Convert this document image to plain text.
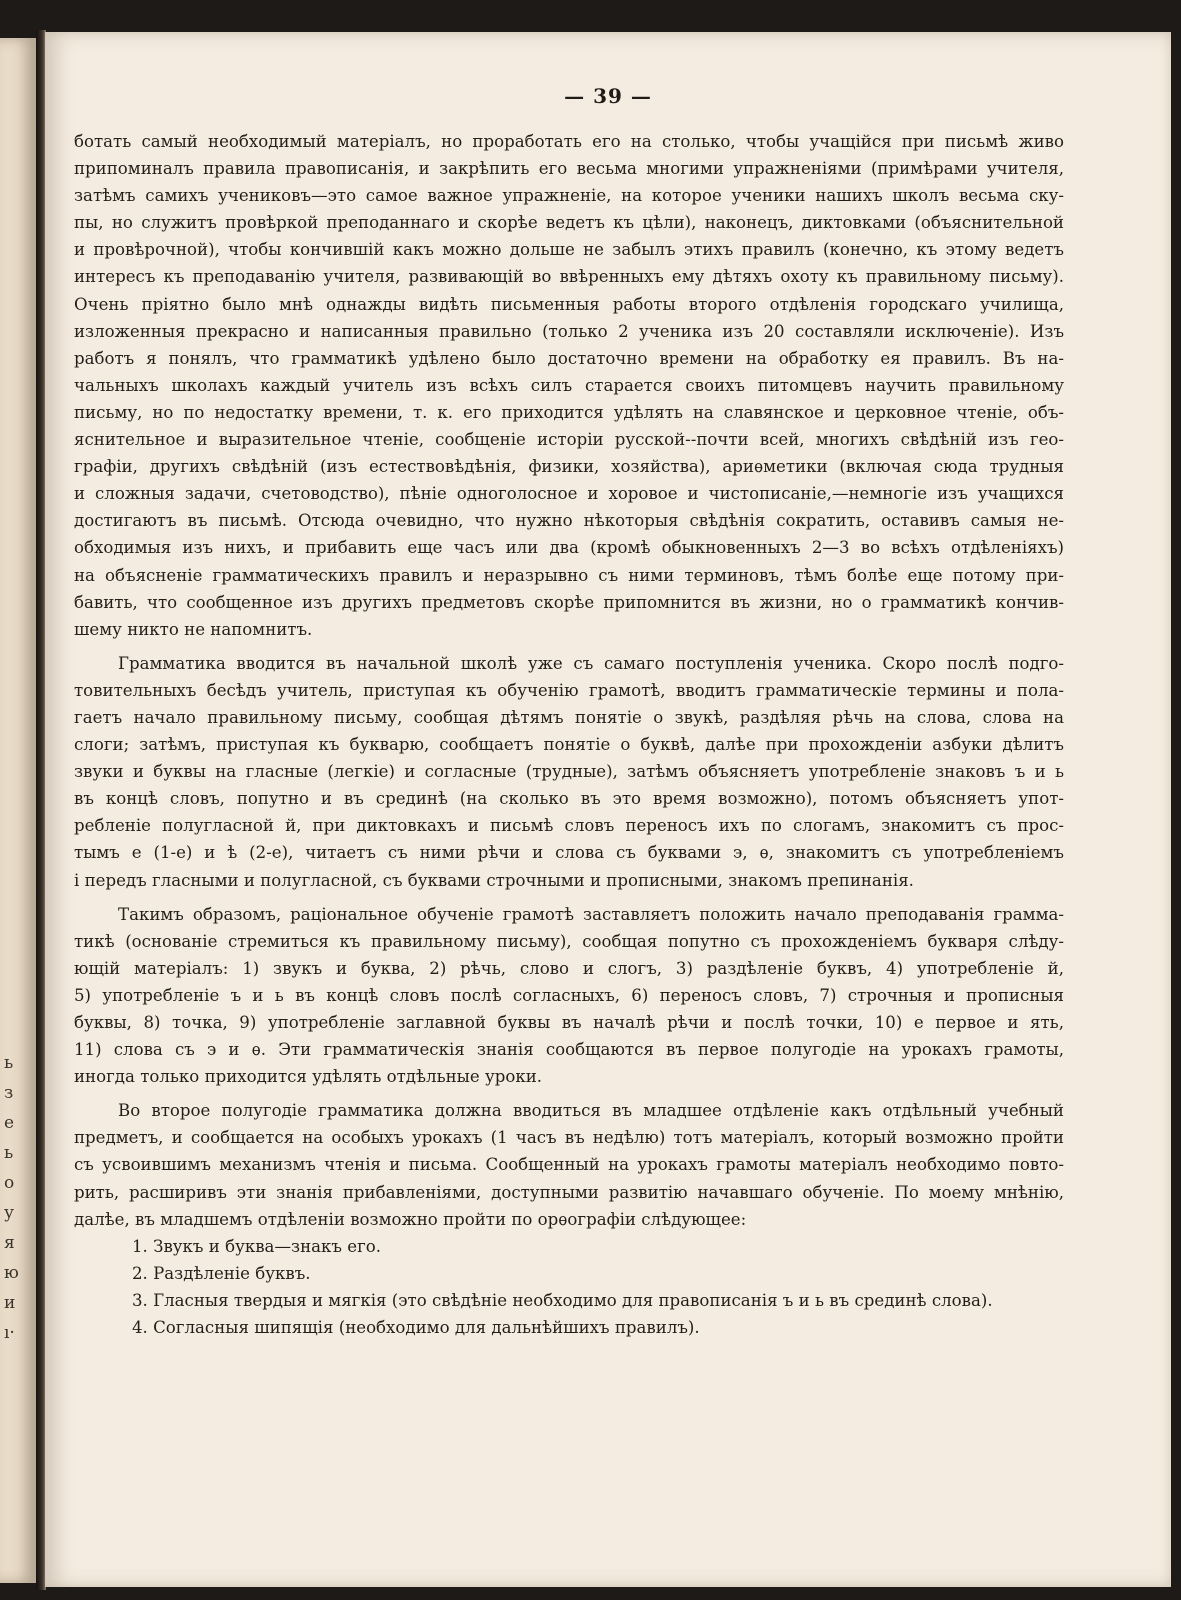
ь
з
е
ь
о
у
я
ю
и
ı·
— 39 —
ботать самый необходимый матеріалъ, но проработать его на столько, чтобы учащійся при письмѣ живо
припоминалъ правила правописанія, и закрѣпить его весьма многими упражненіями (примѣрами учителя,
затѣмъ самихъ учениковъ—это самое важное упражненіе, на которое ученики нашихъ школъ весьма ску-
пы, но служитъ провѣркой преподаннаго и скорѣе ведетъ къ цѣли), наконецъ, диктовками (объяснительной
и провѣрочной), чтобы кончившій какъ можно дольше не забылъ этихъ правилъ (конечно, къ этому ведетъ
интересъ къ преподаванію учителя, развивающій во ввѣренныхъ ему дѣтяхъ охоту къ правильному письму).
Очень пріятно было мнѣ однажды видѣть письменныя работы второго отдѣленія городскаго училища,
изложенныя прекрасно и написанныя правильно (только 2 ученика изъ 20 составляли исключеніе). Изъ
работъ я понялъ, что грамматикѣ удѣлено было достаточно времени на обработку ея правилъ. Въ на-
чальныхъ школахъ каждый учитель изъ всѣхъ силъ старается своихъ питомцевъ научить правильному
письму, но по недостатку времени, т. к. его приходится удѣлять на славянское и церковное чтеніе, объ-
яснительное и выразительное чтеніе, сообщеніе исторіи русской--почти всей, многихъ свѣдѣній изъ гео-
графіи, другихъ свѣдѣній (изъ естествовѣдѣнія, физики, хозяйства), ариѳметики (включая сюда трудныя
и сложныя задачи, счетоводство), пѣніе одноголосное и хоровое и чистописаніе,—немногіе изъ учащихся
достигаютъ въ письмѣ. Отсюда очевидно, что нужно нѣкоторыя свѣдѣнія сократить, оставивъ самыя не-
обходимыя изъ нихъ, и прибавить еще часъ или два (кромѣ обыкновенныхъ 2—3 во всѣхъ отдѣленіяхъ)
на объясненіе грамматическихъ правилъ и неразрывно съ ними терминовъ, тѣмъ болѣе еще потому при-
бавить, что сообщенное изъ другихъ предметовъ скорѣе припомнится въ жизни, но о грамматикѣ кончив-
шему никто не напомнитъ.
Грамматика вводится въ начальной школѣ уже съ самаго поступленія ученика. Скоро послѣ подго-
товительныхъ бесѣдъ учитель, приступая къ обученію грамотѣ, вводитъ грамматическіе термины и пола-
гаетъ начало правильному письму, сообщая дѣтямъ понятіе о звукѣ, раздѣляя рѣчь на слова, слова на
слоги; затѣмъ, приступая къ букварю, сообщаетъ понятіе о буквѣ, далѣе при прохожденіи азбуки дѣлитъ
звуки и буквы на гласные (легкіе) и согласные (трудные), затѣмъ объясняетъ употребленіе знаковъ ъ и ь
въ концѣ словъ, попутно и въ срединѣ (на сколько въ это время возможно), потомъ объясняетъ упот-
ребленіе полугласной й, при диктовкахъ и письмѣ словъ переносъ ихъ по слогамъ, знакомитъ съ прос-
тымъ е (1-е) и ѣ (2-е), читаетъ съ ними рѣчи и слова съ буквами э, ѳ, знакомитъ съ употребленіемъ
і передъ гласными и полугласной, съ буквами строчными и прописными, знакомъ препинанія.
Такимъ образомъ, раціональное обученіе грамотѣ заставляетъ положить начало преподаванія грамма-
тикѣ (основаніе стремиться къ правильному письму), сообщая попутно съ прохожденіемъ букваря слѣду-
ющій матеріалъ: 1) звукъ и буква, 2) рѣчь, слово и слогъ, 3) раздѣленіе буквъ, 4) употребленіе й,
5) употребленіе ъ и ь въ концѣ словъ послѣ согласныхъ, 6) переносъ словъ, 7) строчныя и прописныя
буквы, 8) точка, 9) употребленіе заглавной буквы въ началѣ рѣчи и послѣ точки, 10) е первое и ять,
11) слова съ э и ѳ. Эти грамматическія знанія сообщаются въ первое полугодіе на урокахъ грамоты,
иногда только приходится удѣлять отдѣльные уроки.
Во второе полугодіе грамматика должна вводиться въ младшее отдѣленіе какъ отдѣльный учебный
предметъ, и сообщается на особыхъ урокахъ (1 часъ въ недѣлю) тотъ матеріалъ, который возможно пройти
съ усвоившимъ механизмъ чтенія и письма. Сообщенный на урокахъ грамоты матеріалъ необходимо повто-
рить, расширивъ эти знанія прибавленіями, доступными развитію начавшаго обученіе. По моему мнѣнію,
далѣе, въ младшемъ отдѣленіи возможно пройти по орѳографіи слѣдующее:
1. Звукъ и буква—знакъ его.
2. Раздѣленіе буквъ.
3. Гласныя твердыя и мягкія (это свѣдѣніе необходимо для правописанія ъ и ь въ срединѣ слова).
4. Согласныя шипящія (необходимо для дальнѣйшихъ правилъ).
